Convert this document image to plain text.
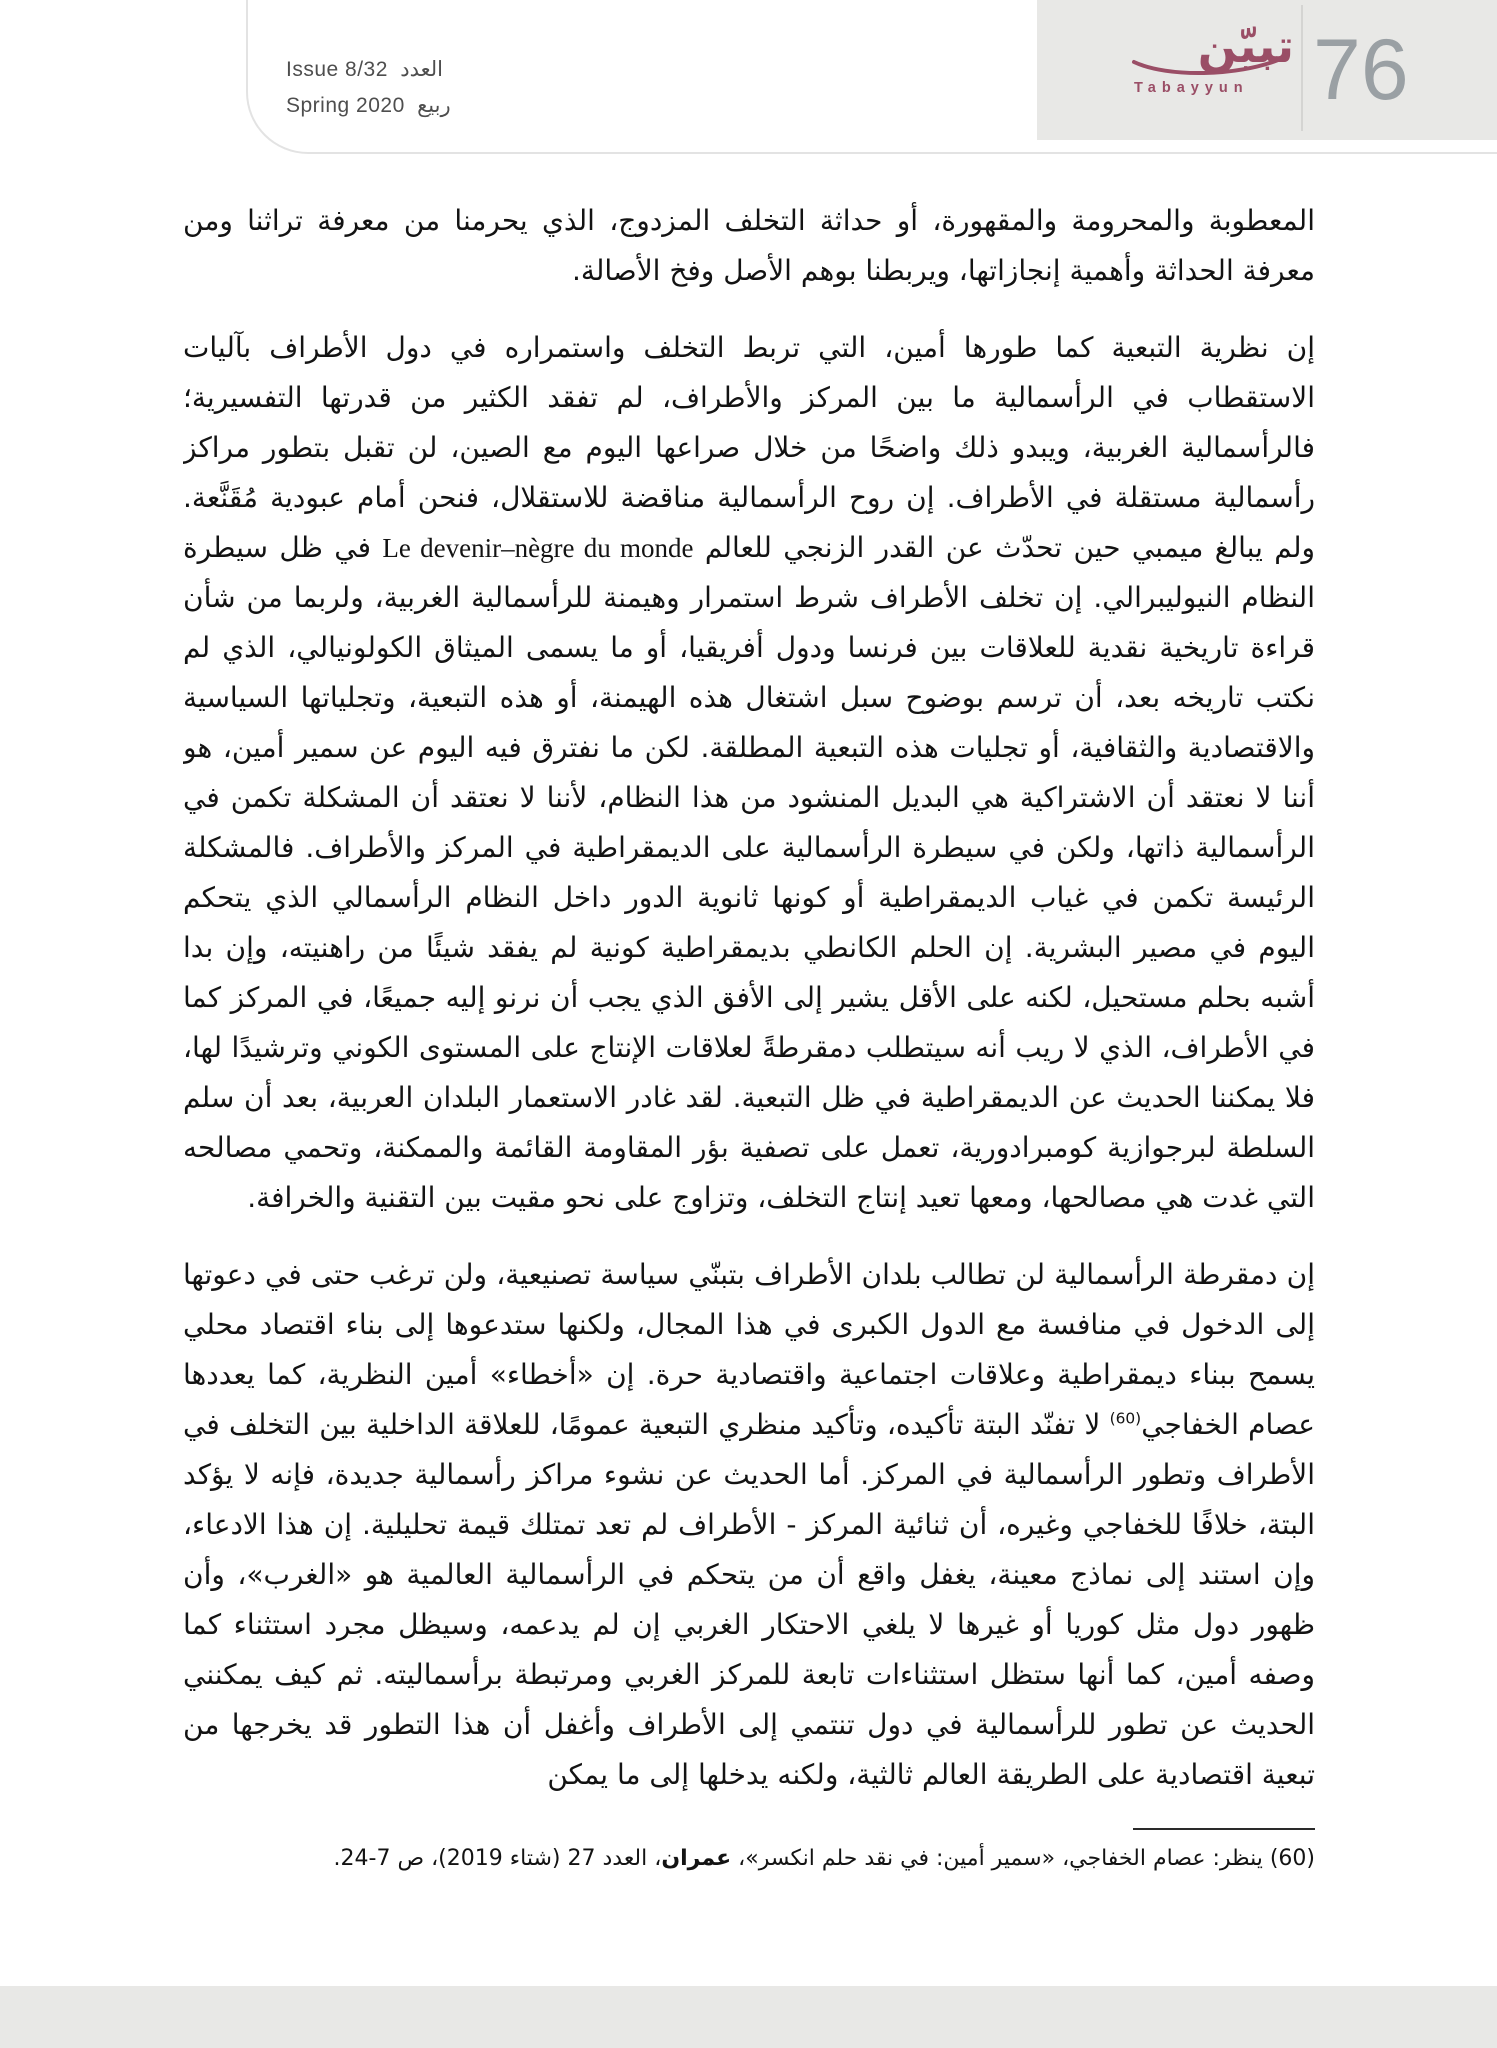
Issue 8/32 العدد
Spring 2020 ربيع
تبيّن
Tabayyun 76

المعطوبة والمحرومة والمقهورة، أو حداثة التخلف المزدوج، الذي يحرمنا من معرفة تراثنا ومن معرفة الحداثة وأهمية إنجازاتها، ويربطنا بوهم الأصل وفخ الأصالة.

إن نظرية التبعية كما طورها أمين، التي تربط التخلف واستمراره في دول الأطراف بآليات الاستقطاب في الرأسمالية ما بين المركز والأطراف، لم تفقد الكثير من قدرتها التفسيرية؛ فالرأسمالية الغربية، ويبدو ذلك واضحًا من خلال صراعها اليوم مع الصين، لن تقبل بتطور مراكز رأسمالية مستقلة في الأطراف. إن روح الرأسمالية مناقضة للاستقلال، فنحن أمام عبودية مُقَنَّعة. ولم يبالغ ميمبي حين تحدّث عن القدر الزنجي للعالم Le devenir–nègre du monde في ظل سيطرة النظام النيوليبرالي. إن تخلف الأطراف شرط استمرار وهيمنة للرأسمالية الغربية، ولربما من شأن قراءة تاريخية نقدية للعلاقات بين فرنسا ودول أفريقيا، أو ما يسمى الميثاق الكولونيالي، الذي لم نكتب تاريخه بعد، أن ترسم بوضوح سبل اشتغال هذه الهيمنة، أو هذه التبعية، وتجلياتها السياسية والاقتصادية والثقافية، أو تجليات هذه التبعية المطلقة. لكن ما نفترق فيه اليوم عن سمير أمين، هو أننا لا نعتقد أن الاشتراكية هي البديل المنشود من هذا النظام، لأننا لا نعتقد أن المشكلة تكمن في الرأسمالية ذاتها، ولكن في سيطرة الرأسمالية على الديمقراطية في المركز والأطراف. فالمشكلة الرئيسة تكمن في غياب الديمقراطية أو كونها ثانوية الدور داخل النظام الرأسمالي الذي يتحكم اليوم في مصير البشرية. إن الحلم الكانطي بديمقراطية كونية لم يفقد شيئًا من راهنيته، وإن بدا أشبه بحلم مستحيل، لكنه على الأقل يشير إلى الأفق الذي يجب أن نرنو إليه جميعًا، في المركز كما في الأطراف، الذي لا ريب أنه سيتطلب دمقرطةً لعلاقات الإنتاج على المستوى الكوني وترشيدًا لها، فلا يمكننا الحديث عن الديمقراطية في ظل التبعية. لقد غادر الاستعمار البلدان العربية، بعد أن سلم السلطة لبرجوازية كومبرادورية، تعمل على تصفية بؤر المقاومة القائمة والممكنة، وتحمي مصالحه التي غدت هي مصالحها، ومعها تعيد إنتاج التخلف، وتزاوج على نحو مقيت بين التقنية والخرافة.

إن دمقرطة الرأسمالية لن تطالب بلدان الأطراف بتبنّي سياسة تصنيعية، ولن ترغب حتى في دعوتها إلى الدخول في منافسة مع الدول الكبرى في هذا المجال، ولكنها ستدعوها إلى بناء اقتصاد محلي يسمح ببناء ديمقراطية وعلاقات اجتماعية واقتصادية حرة. إن «أخطاء» أمين النظرية، كما يعددها عصام الخفاجي$^{(60)}$ لا تفنّد البتة تأكيده، وتأكيد منظري التبعية عمومًا، للعلاقة الداخلية بين التخلف في الأطراف وتطور الرأسمالية في المركز. أما الحديث عن نشوء مراكز رأسمالية جديدة، فإنه لا يؤكد البتة، خلافًا للخفاجي وغيره، أن ثنائية المركز - الأطراف لم تعد تمتلك قيمة تحليلية. إن هذا الادعاء، وإن استند إلى نماذج معينة، يغفل واقع أن من يتحكم في الرأسمالية العالمية هو «الغرب»، وأن ظهور دول مثل كوريا أو غيرها لا يلغي الاحتكار الغربي إن لم يدعمه، وسيظل مجرد استثناء كما وصفه أمين، كما أنها ستظل استثناءات تابعة للمركز الغربي ومرتبطة برأسماليته. ثم كيف يمكنني الحديث عن تطور للرأسمالية في دول تنتمي إلى الأطراف وأغفل أن هذا التطور قد يخرجها من تبعية اقتصادية على الطريقة العالم ثالثية، ولكنه يدخلها إلى ما يمكن

(60) ينظر: عصام الخفاجي، «سمير أمين: في نقد حلم انكسر»، عمران، العدد 27 (شتاء 2019)، ص 7-24.
